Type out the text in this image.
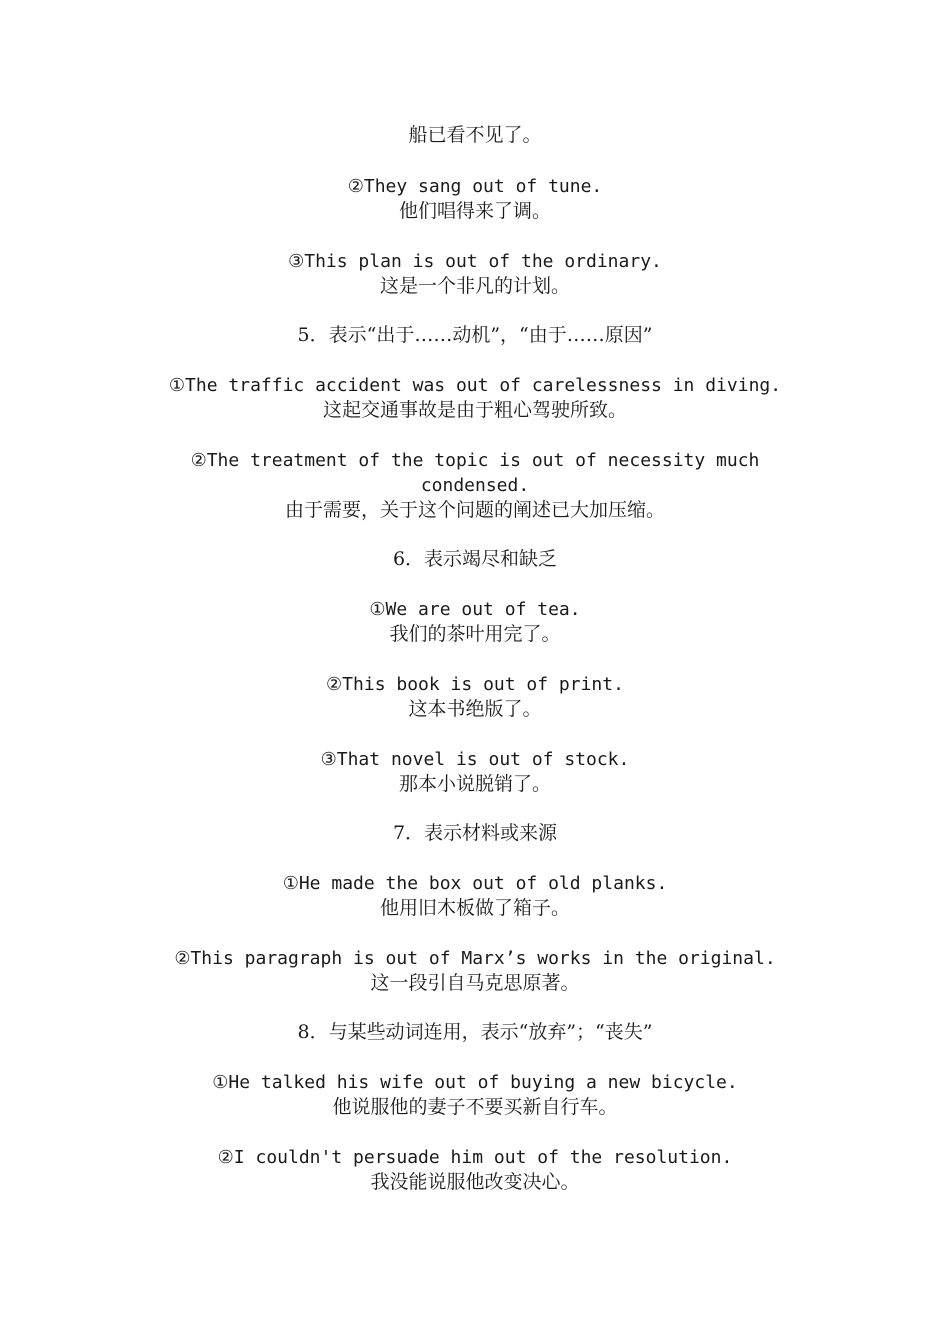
船已看不见了。
②They sang out of tune.
他们唱得来了调。
③This plan is out of the ordinary.
这是一个非凡的计划。
5．表示“出于……动机”，“由于……原因”
①The traffic accident was out of carelessness in diving.
这起交通事故是由于粗心驾驶所致。
②The treatment of the topic is out of necessity much
condensed.
由于需要，关于这个问题的阐述已大加压缩。
6．表示竭尽和缺乏
①We are out of tea.
我们的茶叶用完了。
②This book is out of print.
这本书绝版了。
③That novel is out of stock.
那本小说脱销了。
7．表示材料或来源
①He made the box out of old planks.
他用旧木板做了箱子。
②This paragraph is out of Marx’s works in the original.
这一段引自马克思原著。
8．与某些动词连用，表示“放弃”；“丧失”
①He talked his wife out of buying a new bicycle.
他说服他的妻子不要买新自行车。
②I couldn't persuade him out of the resolution.
我没能说服他改变决心。
